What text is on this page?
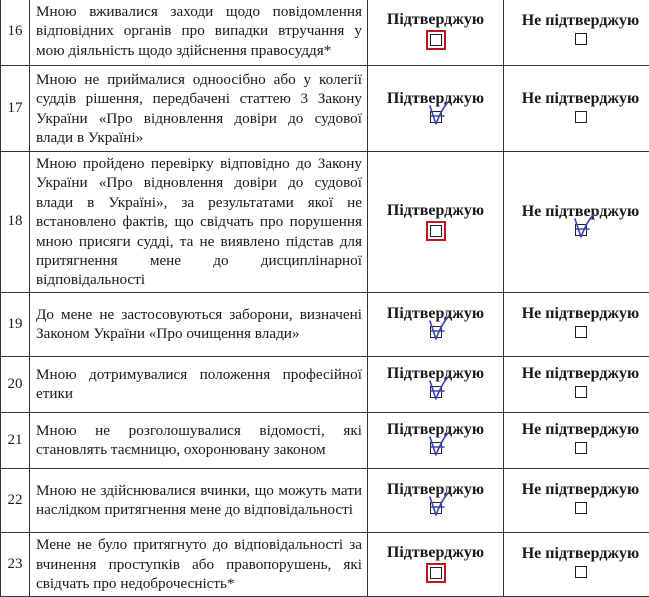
16	Мною вживалися заходи щодо повідомлення відповідних органів про випадки втручання у мою діяльність щодо здійснення правосуддя*	Підтверджую	Не підтверджую

17	Мною не приймалися одноосібно або у колегії суддів рішення, передбачені статтею 3 Закону України «Про відновлення довіри до судової влади в Україні»	Підтверджую	Не підтверджую

18	Мною пройдено перевірку відповідно до Закону України «Про відновлення довіри до судової влади в Україні», за результатами якої не встановлено фактів, що свідчать про порушення мною присяги судді, та не виявлено підстав для притягнення мене до дисциплінарної відповідальності	Підтверджую	Не підтверджую

19	До мене не застосовуються заборони, визначені Законом України «Про очищення влади»	Підтверджую	Не підтверджую

20	Мною дотримувалися положення професійної етики	Підтверджую	Не підтверджую

21	Мною не розголошувалися відомості, які становлять таємницю, охоронювану законом	Підтверджую	Не підтверджую

22	Мною не здійснювалися вчинки, що можуть мати наслідком притягнення мене до відповідальності	Підтверджую	Не підтверджую

23	Мене не було притягнуто до відповідальності за вчинення проступків або правопорушень, які свідчать про недоброчесність*	Підтверджую	Не підтверджую
